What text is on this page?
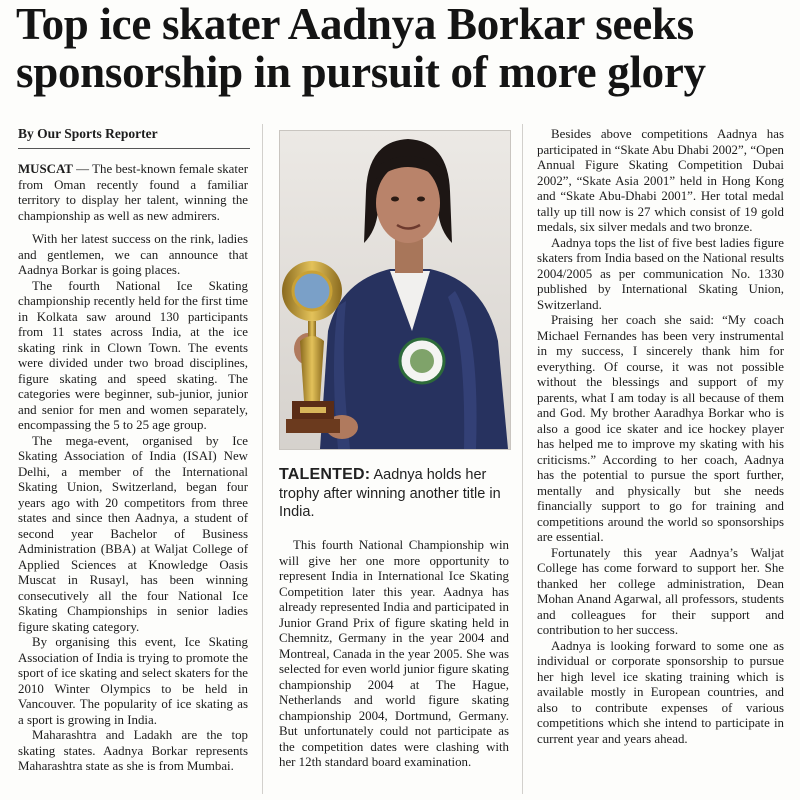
Top ice skater Aadnya Borkar seeks sponsorship in pursuit of more glory
By Our Sports Reporter

MUSCAT — The best-known female skater from Oman recently found a familiar territory to display her talent, winning the championship as well as new admirers.

With her latest success on the rink, ladies and gentlemen, we can announce that Aadnya Borkar is going places.

The fourth National Ice Skating championship recently held for the first time in Kolkata saw around 130 participants from 11 states across India, at the ice skating rink in Clown Town. The events were divided under two broad disciplines, figure skating and speed skating. The categories were beginner, sub-junior, junior and senior for men and women separately, encompassing the 5 to 25 age group.

The mega-event, organised by Ice Skating Association of India (ISAI) New Delhi, a member of the International Skating Union, Switzerland, began four years ago with 20 competitors from three states and since then Aadnya, a student of second year Bachelor of Business Administration (BBA) at Waljat College of Applied Sciences at Knowledge Oasis Muscat in Rusayl, has been winning consecutively all the four National Ice Skating Championships in senior ladies figure skating category.

By organising this event, Ice Skating Association of India is trying to promote the sport of ice skating and select skaters for the 2010 Winter Olympics to be held in Vancouver. The popularity of ice skating as a sport is growing in India.

Maharashtra and Ladakh are the top skating states. Aadnya Borkar represents Maharashtra state as she is from Mumbai.

TALENTED: Aadnya holds her trophy after winning another title in India.

This fourth National Championship win will give her one more opportunity to represent India in International Ice Skating Competition later this year. Aadnya has already represented India and participated in Junior Grand Prix of figure skating held in Chemnitz, Germany in the year 2004 and Montreal, Canada in the year 2005. She was selected for even world junior figure skating championship 2004 at The Hague, Netherlands and world figure skating championship 2004, Dortmund, Germany. But unfortunately could not participate as the competition dates were clashing with her 12th standard board examination.

Besides above competitions Aadnya has participated in “Skate Abu Dhabi 2002”, “Open Annual Figure Skating Competition Dubai 2002”, “Skate Asia 2001” held in Hong Kong and “Skate Abu-Dhabi 2001”. Her total medal tally up till now is 27 which consist of 19 gold medals, six silver medals and two bronze.

Aadnya tops the list of five best ladies figure skaters from India based on the National results 2004/2005 as per communication No. 1330 published by International Skating Union, Switzerland.

Praising her coach she said: “My coach Michael Fernandes has been very instrumental in my success, I sincerely thank him for everything. Of course, it was not possible without the blessings and support of my parents, what I am today is all because of them and God. My brother Aaradhya Borkar who is also a good ice skater and ice hockey player has helped me to improve my skating with his criticisms.” According to her coach, Aadnya has the potential to pursue the sport further, mentally and physically but she needs financially support to go for training and competitions around the world so sponsorships are essential.

Fortunately this year Aadnya’s Waljat College has come forward to support her. She thanked her college administration, Dean Mohan Anand Agarwal, all professors, students and colleagues for their support and contribution to her success.

Aadnya is looking forward to some one as individual or corporate sponsorship to pursue her high level ice skating training which is available mostly in European countries, and also to contribute expenses of various competitions which she intend to participate in current year and years ahead.
